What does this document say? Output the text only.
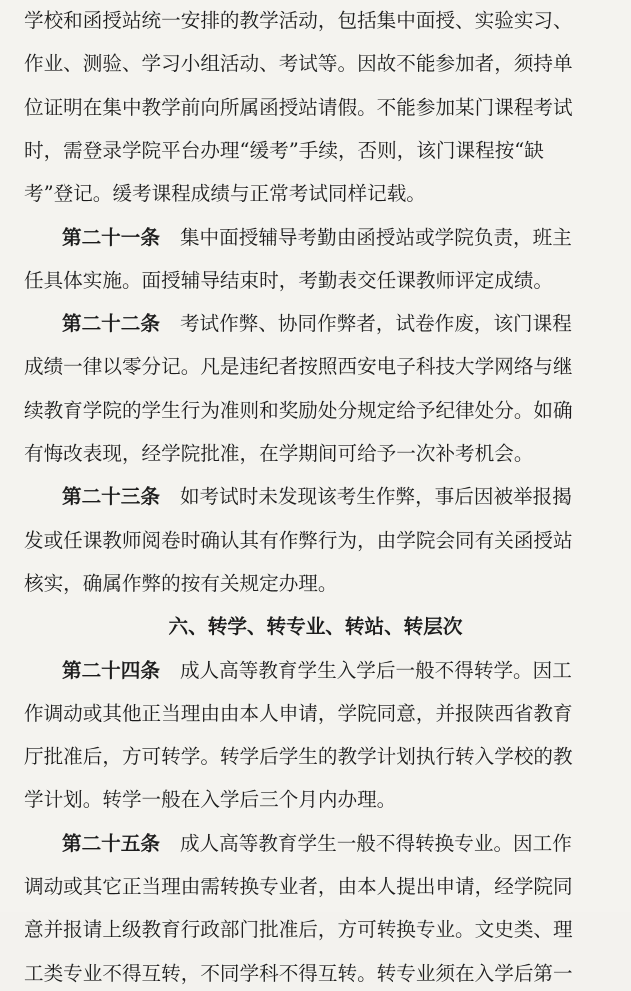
学校和函授站统一安排的教学活动，包括集中面授、实验实习、
作业、测验、学习小组活动、考试等。因故不能参加者，须持单
位证明在集中教学前向所属函授站请假。不能参加某门课程考试
时，需登录学院平台办理“缓考”手续，否则，该门课程按“缺
考”登记。缓考课程成绩与正常考试同样记载。
第二十一条 集中面授辅导考勤由函授站或学院负责，班主
任具体实施。面授辅导结束时，考勤表交任课教师评定成绩。
第二十二条 考试作弊、协同作弊者，试卷作废，该门课程
成绩一律以零分记。凡是违纪者按照西安电子科技大学网络与继
续教育学院的学生行为准则和奖励处分规定给予纪律处分。如确
有悔改表现，经学院批准，在学期间可给予一次补考机会。
第二十三条 如考试时未发现该考生作弊，事后因被举报揭
发或任课教师阅卷时确认其有作弊行为，由学院会同有关函授站
核实，确属作弊的按有关规定办理。
六、转学、转专业、转站、转层次
第二十四条 成人高等教育学生入学后一般不得转学。因工
作调动或其他正当理由由本人申请，学院同意，并报陕西省教育
厅批准后，方可转学。转学后学生的教学计划执行转入学校的教
学计划。转学一般在入学后三个月内办理。
第二十五条 成人高等教育学生一般不得转换专业。因工作
调动或其它正当理由需转换专业者，由本人提出申请，经学院同
意并报请上级教育行政部门批准后，方可转换专业。文史类、理
工类专业不得互转，不同学科不得互转。转专业须在入学后第一
